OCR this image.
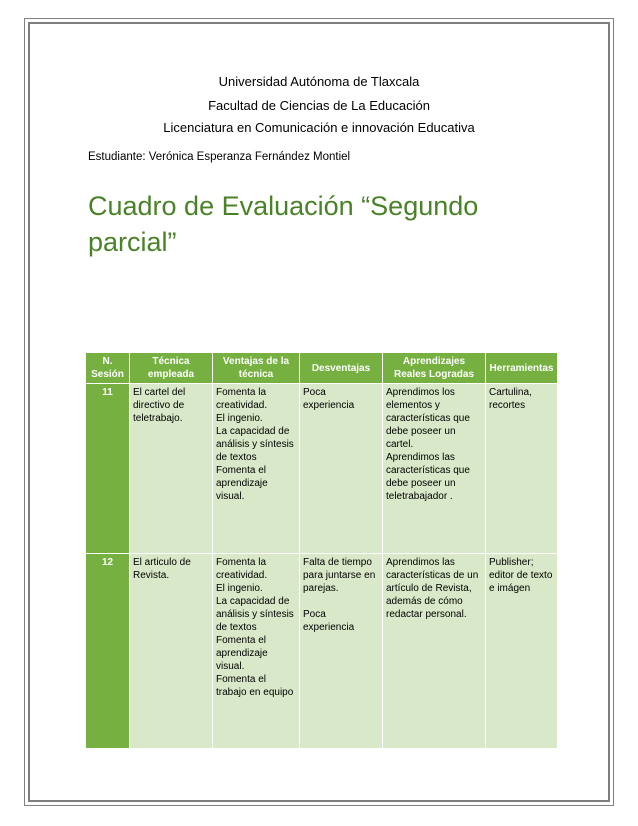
Universidad Autónoma de Tlaxcala
Facultad de Ciencias de La Educación
Licenciatura en Comunicación e innovación Educativa
Estudiante: Verónica Esperanza Fernández Montiel
Cuadro de Evaluación “Segundo parcial”
N. Sesión	Técnica empleada	Ventajas de la técnica	Desventajas	Aprendizajes Reales Logradas	Herramientas
11	El cartel del directivo de teletrabajo.	Fomenta la creatividad.
El ingenio.
La capacidad de análisis y síntesis de textos
Fomenta el aprendizaje visual.	Poca experiencia	Aprendimos los elementos y características que debe poseer un cartel.
Aprendimos las características que debe poseer un teletrabajador .	Cartulina, recortes

12	El articulo de Revista.	Fomenta la creatividad.
El ingenio.
La capacidad de análisis y síntesis de textos
Fomenta el aprendizaje visual.
Fomenta el trabajo en equipo	Falta de tiempo para juntarse en parejas.

Poca experiencia	Aprendimos las características de un artículo de Revista, además de cómo redactar personal.	Publisher; editor de texto e imágen
